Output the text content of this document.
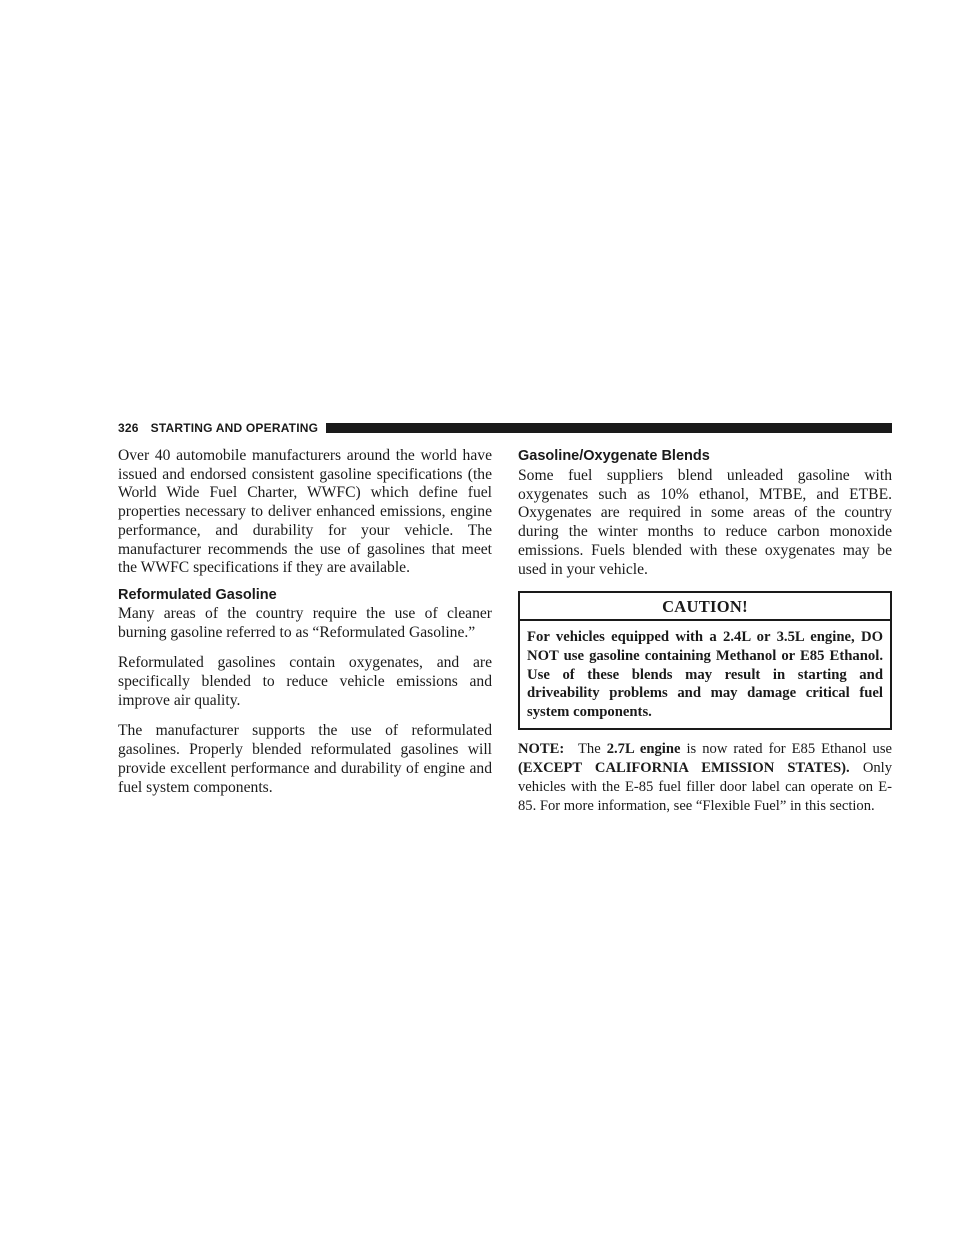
326 STARTING AND OPERATING

Over 40 automobile manufacturers around the world have issued and endorsed consistent gasoline specifications (the World Wide Fuel Charter, WWFC) which define fuel properties necessary to deliver enhanced emissions, engine performance, and durability for your vehicle. The manufacturer recommends the use of gasolines that meet the WWFC specifications if they are available.

Reformulated Gasoline

Many areas of the country require the use of cleaner burning gasoline referred to as “Reformulated Gasoline.”

Reformulated gasolines contain oxygenates, and are specifically blended to reduce vehicle emissions and improve air quality.

The manufacturer supports the use of reformulated gasolines. Properly blended reformulated gasolines will provide excellent performance and durability of engine and fuel system components.

Gasoline/Oxygenate Blends

Some fuel suppliers blend unleaded gasoline with oxygenates such as 10% ethanol, MTBE, and ETBE. Oxygenates are required in some areas of the country during the winter months to reduce carbon monoxide emissions. Fuels blended with these oxygenates may be used in your vehicle.

CAUTION!
For vehicles equipped with a 2.4L or 3.5L engine, DO NOT use gasoline containing Methanol or E85 Ethanol. Use of these blends may result in starting and driveability problems and may damage critical fuel system components.
NOTE: The 2.7L engine is now rated for E85 Ethanol use (EXCEPT CALIFORNIA EMISSION STATES). Only vehicles with the E-85 fuel filler door label can operate on E-85. For more information, see “Flexible Fuel” in this section.
